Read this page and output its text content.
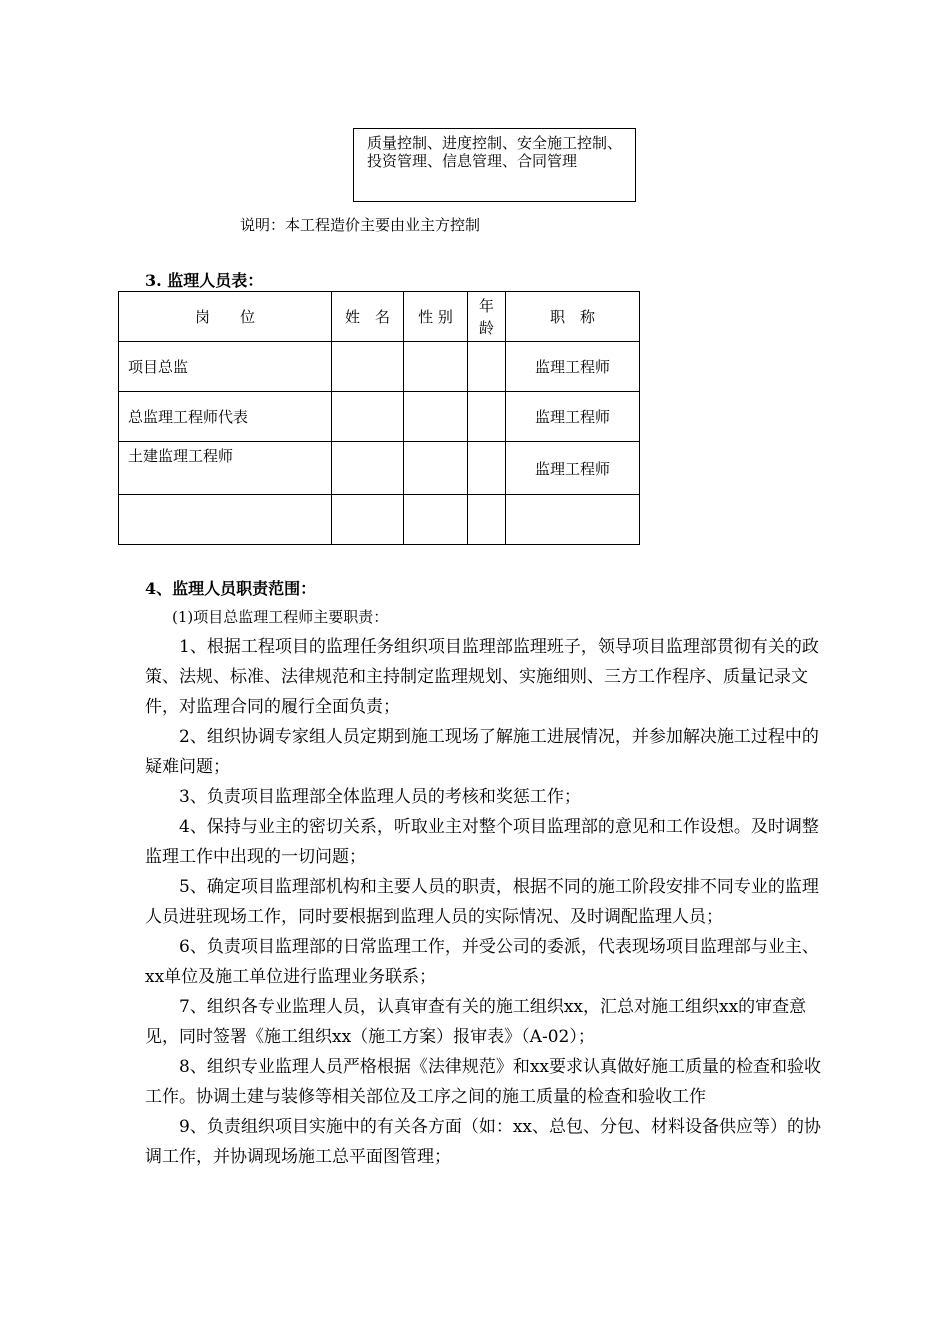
质量控制、进度控制、安全施工控制、投资管理、信息管理、合同管理
说明：本工程造价主要由业主方控制
3. 监理人员表：
岗　　位	姓　名	性 别	年龄	职　称
项目总监				监理工程师
总监理工程师代表				监理工程师
土建监理工程师				监理工程师

4、监理人员职责范围：
(1)项目总监理工程师主要职责：

1、根据工程项目的监理任务组织项目监理部监理班子，领导项目监理部贯彻有关的政策、法规、标准、法律规范和主持制定监理规划、实施细则、三方工作程序、质量记录文件，对监理合同的履行全面负责；

2、组织协调专家组人员定期到施工现场了解施工进展情况，并参加解决施工过程中的疑难问题；

3、负责项目监理部全体监理人员的考核和奖惩工作；

4、保持与业主的密切关系，听取业主对整个项目监理部的意见和工作设想。及时调整监理工作中出现的一切问题；

5、确定项目监理部机构和主要人员的职责，根据不同的施工阶段安排不同专业的监理人员进驻现场工作，同时要根据到监理人员的实际情况、及时调配监理人员；

6、负责项目监理部的日常监理工作，并受公司的委派，代表现场项目监理部与业主、xx单位及施工单位进行监理业务联系；

7、组织各专业监理人员，认真审查有关的施工组织xx，汇总对施工组织xx的审查意见，同时签署《施工组织xx（施工方案）报审表》（A-02）；

8、组织专业监理人员严格根据《法律规范》和xx要求认真做好施工质量的检查和验收工作。协调土建与装修等相关部位及工序之间的施工质量的检查和验收工作

9、负责组织项目实施中的有关各方面（如：xx、总包、分包、材料设备供应等）的协调工作，并协调现场施工总平面图管理；
